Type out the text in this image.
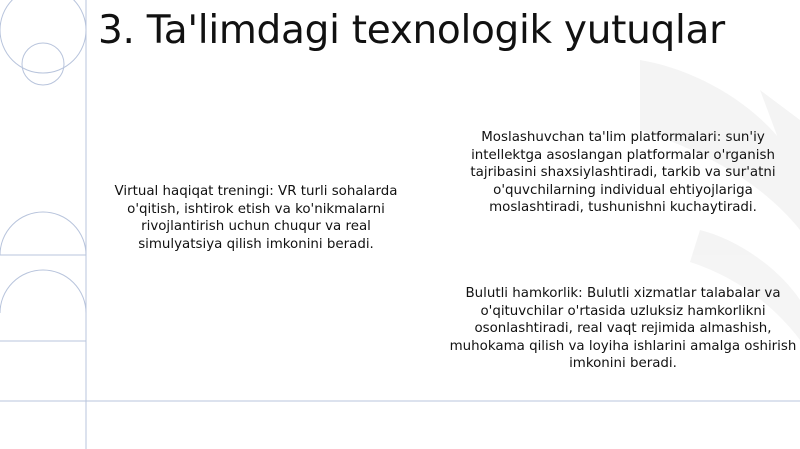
3. Ta'limdagi texnologik yutuqlar

Virtual haqiqat treningi: VR turli sohalarda o'qitish, ishtirok etish va ko'nikmalarni rivojlantirish uchun chuqur va real simulyatsiya qilish imkonini beradi.

Moslashuvchan ta'lim platformalari: sun'iy intellektga asoslangan platformalar o'rganish tajribasini shaxsiylashtiradi, tarkib va sur'atni o'quvchilarning individual ehtiyojlariga moslashtiradi, tushunishni kuchaytiradi.

Bulutli hamkorlik: Bulutli xizmatlar talabalar va o'qituvchilar o'rtasida uzluksiz hamkorlikni osonlashtiradi, real vaqt rejimida almashish, muhokama qilish va loyiha ishlarini amalga oshirish imkonini beradi.
